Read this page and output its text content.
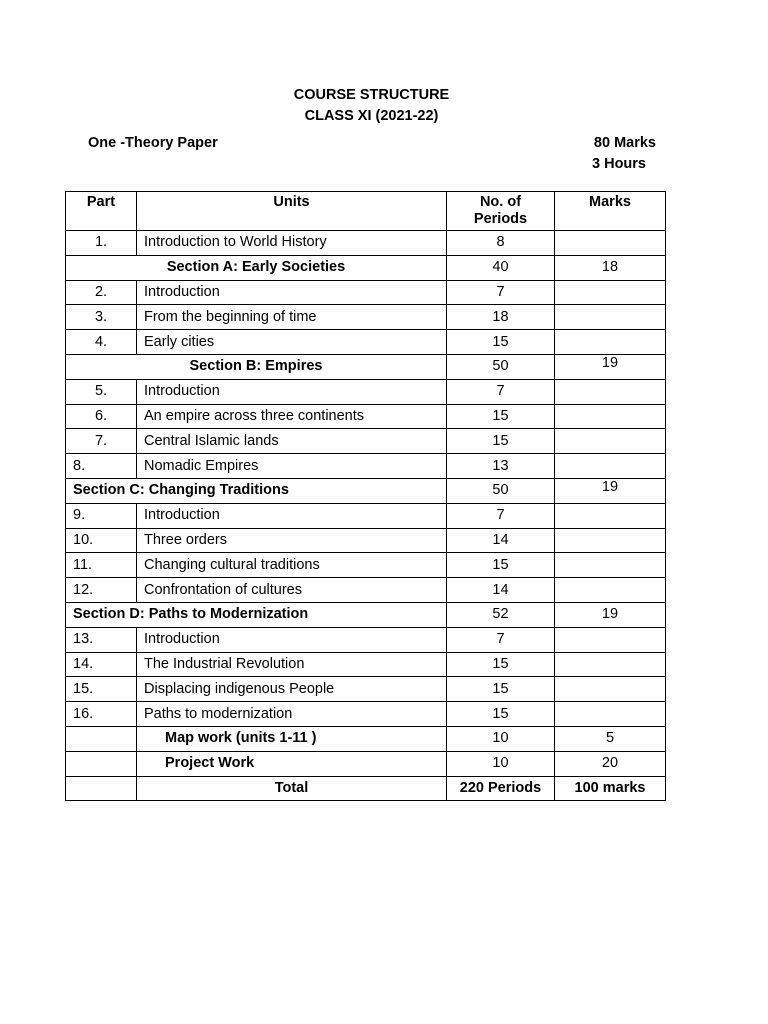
COURSE STRUCTURE
CLASS XI (2021-22)
One -Theory Paper	80 Marks
3 Hours
Part	Units	No. of Periods	Marks
1.	Introduction to World History	8	
Section A: Early Societies		40	18
2.	Introduction	7	
3.	From the beginning of time	18	
4.	Early cities	15	
Section B: Empires		50	19
5.	Introduction	7	
6.	An empire across three continents	15	
7.	Central Islamic lands	15	
8.	Nomadic Empires	13	
Section C: Changing Traditions		50	19
9.	Introduction	7	
10.	Three orders	14	
11.	Changing cultural traditions	15	
12.	Confrontation of cultures	14	
Section D: Paths to Modernization		52	19
13.	Introduction	7	
14.	The Industrial Revolution	15	
15.	Displacing indigenous People	15	
16.	Paths to modernization	15	
	Map work (units 1-11 )	10	5
	Project Work	10	20
	Total	220 Periods	100 marks
